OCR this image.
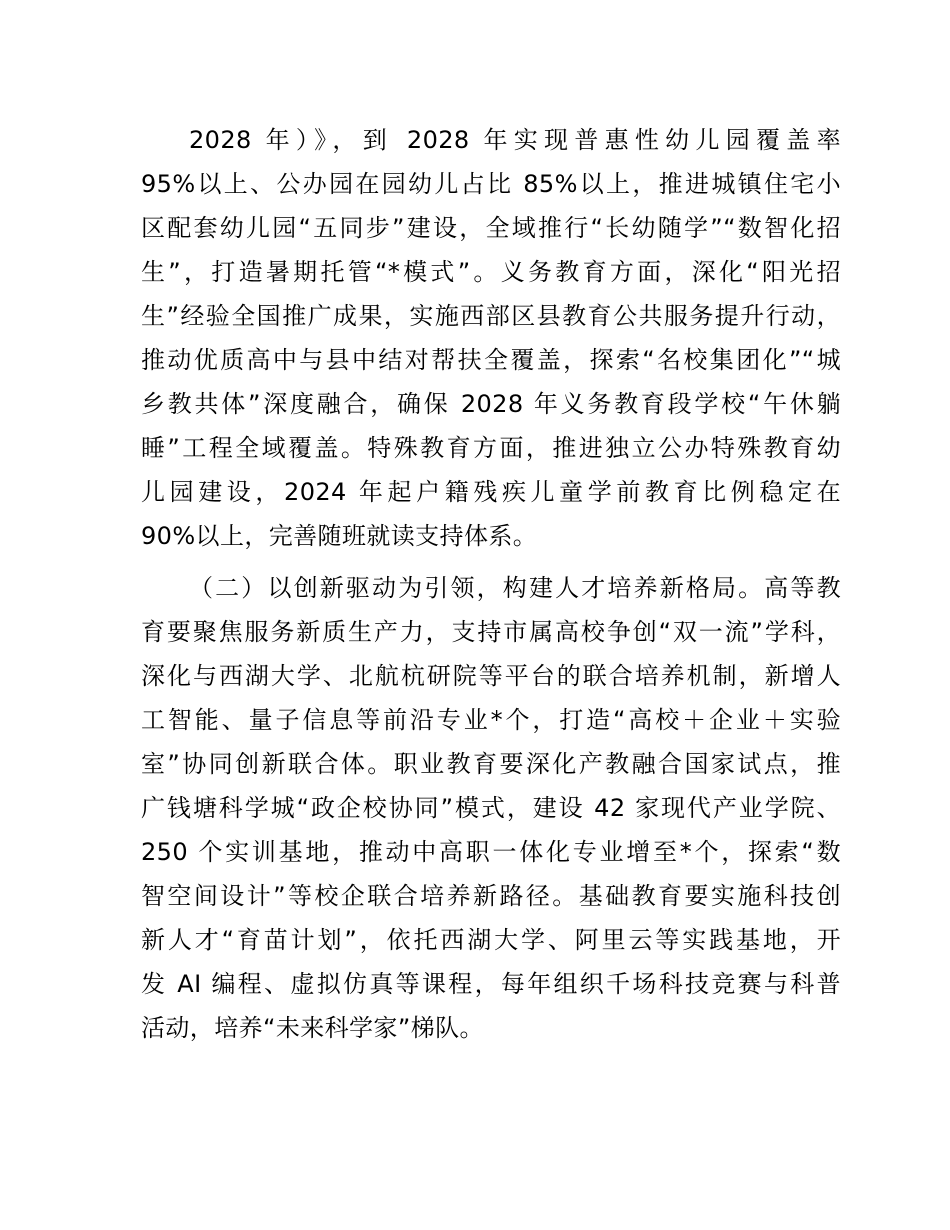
2028 年）》，到 2028 年实现普惠性幼儿园覆盖率
95%以上、公办园在园幼儿占比 85%以上，推进城镇住宅小
区配套幼儿园“五同步”建设，全域推行“长幼随学”“数智化招
生”，打造暑期托管“*模式”。义务教育方面，深化“阳光招
生”经验全国推广成果，实施西部区县教育公共服务提升行动，
推动优质高中与县中结对帮扶全覆盖，探索“名校集团化”“城
乡教共体”深度融合，确保 2028 年义务教育段学校“午休躺
睡”工程全域覆盖。特殊教育方面，推进独立公办特殊教育幼
儿园建设，2024 年起户籍残疾儿童学前教育比例稳定在
90%以上，完善随班就读支持体系。
（二）以创新驱动为引领，构建人才培养新格局。高等教
育要聚焦服务新质生产力，支持市属高校争创“双一流”学科，
深化与西湖大学、北航杭研院等平台的联合培养机制，新增人
工智能、量子信息等前沿专业*个，打造“高校＋企业＋实验
室”协同创新联合体。职业教育要深化产教融合国家试点，推
广钱塘科学城“政企校协同”模式，建设 42 家现代产业学院、
250 个实训基地，推动中高职一体化专业增至*个，探索“数
智空间设计”等校企联合培养新路径。基础教育要实施科技创
新人才“育苗计划”，依托西湖大学、阿里云等实践基地，开
发 AI 编程、虚拟仿真等课程，每年组织千场科技竞赛与科普
活动，培养“未来科学家”梯队。
